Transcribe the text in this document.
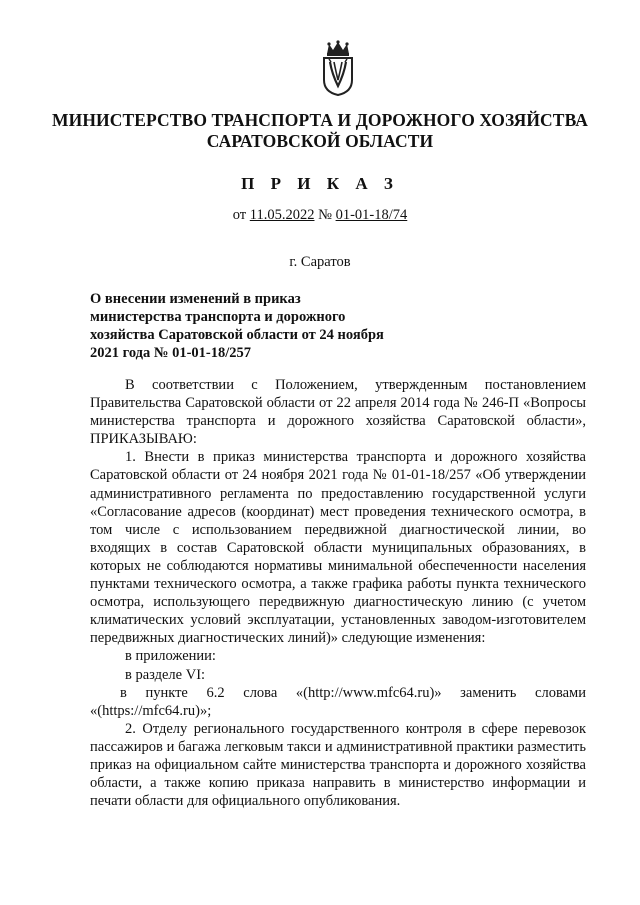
МИНИСТЕРСТВО ТРАНСПОРТА И ДОРОЖНОГО ХОЗЯЙСТВА
САРАТОВСКОЙ ОБЛАСТИ
П Р И К А З
от 11.05.2022 № 01-01-18/74
г. Саратов
О внесении изменений в приказ министерства транспорта и дорожного хозяйства Саратовской области от 24 ноября 2021 года № 01-01-18/257

В соответствии с Положением, утвержденным постановлением Правительства Саратовской области от 22 апреля 2014 года № 246-П «Вопросы министерства транспорта и дорожного хозяйства Саратовской области», ПРИКАЗЫВАЮ:

1. Внести в приказ министерства транспорта и дорожного хозяйства Саратовской области от 24 ноября 2021 года № 01-01-18/257 «Об утверждении административного регламента по предоставлению государственной услуги «Согласование адресов (координат) мест проведения технического осмотра, в том числе с использованием передвижной диагностической линии, во входящих в состав Саратовской области муниципальных образованиях, в которых не соблюдаются нормативы минимальной обеспеченности населения пунктами технического осмотра, а также графика работы пункта технического осмотра, использующего передвижную диагностическую линию (с учетом климатических условий эксплуатации, установленных заводом-изготовителем передвижных диагностических линий)» следующие изменения:

в приложении:

в разделе VI:

в пункте 6.2 слова «(http://www.mfc64.ru)» заменить словами «(https://mfc64.ru)»;

2. Отделу регионального государственного контроля в сфере перевозок пассажиров и багажа легковым такси и административной практики разместить приказ на официальном сайте министерства транспорта и дорожного хозяйства области, а также копию приказа направить в министерство информации и печати области для официального опубликования.
